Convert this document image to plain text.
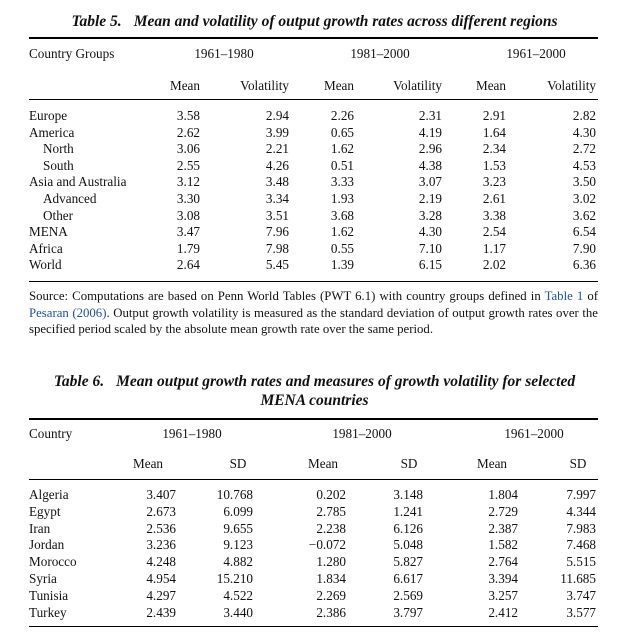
Table 5. Mean and volatility of output growth rates across different regions
Country Groups	1961–1980	1981–2000	1961–2000
Mean	Volatility	Mean	Volatility	Mean	Volatility
Europe	3.58	2.94	2.26	2.31	2.91	2.82
America	2.62	3.99	0.65	4.19	1.64	4.30
North	3.06	2.21	1.62	2.96	2.34	2.72
South	2.55	4.26	0.51	4.38	1.53	4.53
Asia and Australia	3.12	3.48	3.33	3.07	3.23	3.50
Advanced	3.30	3.34	1.93	2.19	2.61	3.02
Other	3.08	3.51	3.68	3.28	3.38	3.62
MENA	3.47	7.96	1.62	4.30	2.54	6.54
Africa	1.79	7.98	0.55	7.10	1.17	7.90
World	2.64	5.45	1.39	6.15	2.02	6.36
Source: Computations are based on Penn World Tables (PWT 6.1) with country groups defined in Table 1 of Pesaran (2006). Output growth volatility is measured as the standard deviation of output growth rates over the specified period scaled by the absolute mean growth rate over the same period.
Table 6. Mean output growth rates and measures of growth volatility for selected
MENA countries
Country	1961–1980	1981–2000	1961–2000
Mean	SD	Mean	SD	Mean	SD
Algeria	3.407	10.768	0.202	3.148	1.804	7.997
Egypt	2.673	6.099	2.785	1.241	2.729	4.344
Iran	2.536	9.655	2.238	6.126	2.387	7.983
Jordan	3.236	9.123	−0.072	5.048	1.582	7.468
Morocco	4.248	4.882	1.280	5.827	2.764	5.515
Syria	4.954	15.210	1.834	6.617	3.394	11.685
Tunisia	4.297	4.522	2.269	2.569	3.257	3.747
Turkey	2.439	3.440	2.386	3.797	2.412	3.577
